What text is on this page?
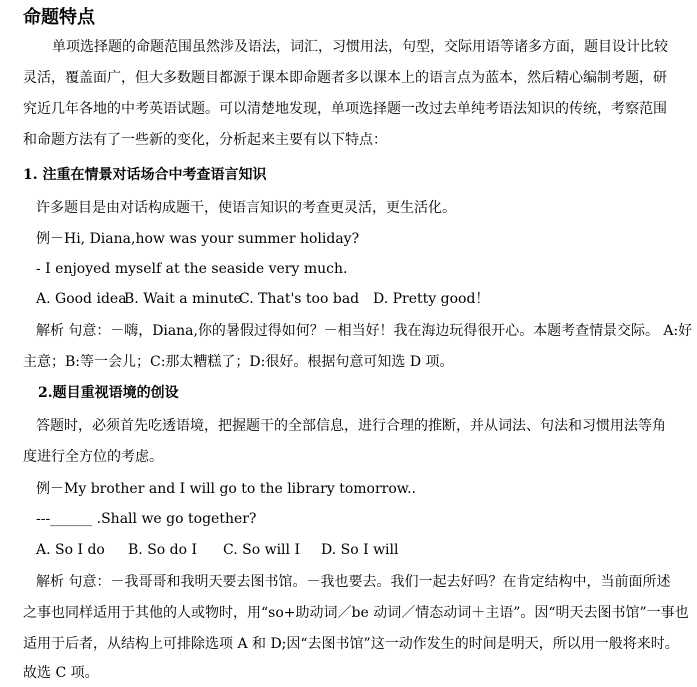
命题特点
单项选择题的命题范围虽然涉及语法，词汇，习惯用法，句型，交际用语等诸多方面，题目设计比较
灵活，覆盖面广，但大多数题目都源于课本即命题者多以课本上的语言点为蓝本，然后精心编制考题，研
究近几年各地的中考英语试题。可以清楚地发现，单项选择题一改过去单纯考语法知识的传统，考察范围
和命题方法有了一些新的变化，分析起来主要有以下特点：
1. 注重在情景对话场合中考查语言知识
许多题目是由对话构成题干，使语言知识的考查更灵活，更生活化。
例－Hi, Diana,how was your summer holiday?
- I enjoyed myself at the seaside very much.
A. Good idea
B. Wait a minute
C. That's too bad D. Pretty good！
解析 句意：－嗨，Diana,你的暑假过得如何？－相当好！我在海边玩得很开心。本题考查情景交际。 A:好
主意；B:等一会儿；C:那太糟糕了；D:很好。根据句意可知选 D 项。
2.题目重视语境的创设
答题时，必须首先吃透语境，把握题干的全部信息，进行合理的推断，并从词法、句法和习惯用法等角
度进行全方位的考虑。
例－My brother and I will go to the library tomorrow..
---______ .Shall we go together?
A. So I do B. So do I C. So will I D. So I will
解析 句意：－我哥哥和我明天要去图书馆。－我也要去。我们一起去好吗？在肯定结构中，当前面所述
之事也同样适用于其他的人或物时，用“so+助动词／be 动词／情态动词＋主语”。因“明天去图书馆”一事也
适用于后者，从结构上可排除选项 A 和 D;因“去图书馆”这一动作发生的时间是明天，所以用一般将来时。
故选 C 项。
